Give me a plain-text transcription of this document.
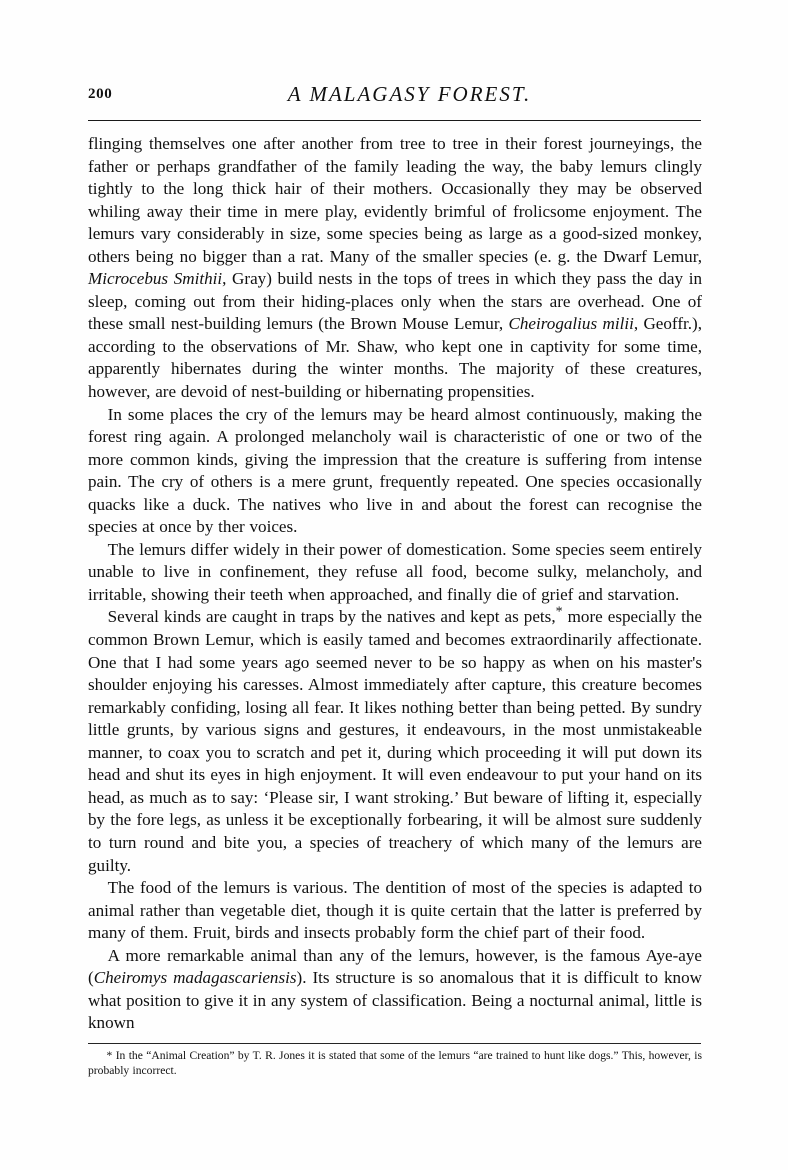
200	A MALAGASY FOREST.

flinging themselves one after another from tree to tree in their forest journeyings, the father or perhaps grandfather of the family leading the way, the baby lemurs clingly tightly to the long thick hair of their mothers. Occasionally they may be observed whiling away their time in mere play, evidently brimful of frolicsome enjoyment. The lemurs vary considerably in size, some species being as large as a good-sized monkey, others being no bigger than a rat. Many of the smaller species (e. g. the Dwarf Lemur, Microcebus Smithii, Gray) build nests in the tops of trees in which they pass the day in sleep, coming out from their hiding-places only when the stars are overhead. One of these small nest-building lemurs (the Brown Mouse Lemur, Cheirogalius milii, Geoffr.), according to the observations of Mr. Shaw, who kept one in captivity for some time, apparently hibernates during the winter months. The majority of these creatures, however, are devoid of nest-building or hibernating propensities.

In some places the cry of the lemurs may be heard almost continuously, making the forest ring again. A prolonged melancholy wail is characteristic of one or two of the more common kinds, giving the impression that the creature is suffering from intense pain. The cry of others is a mere grunt, frequently repeated. One species occasionally quacks like a duck. The natives who live in and about the forest can recognise the species at once by ther voices.

The lemurs differ widely in their power of domestication. Some species seem entirely unable to live in confinement, they refuse all food, become sulky, melancholy, and irritable, showing their teeth when approached, and finally die of grief and starvation.

Several kinds are caught in traps by the natives and kept as pets,* more especially the common Brown Lemur, which is easily tamed and becomes extraordinarily affectionate. One that I had some years ago seemed never to be so happy as when on his master's shoulder enjoying his caresses. Almost immediately after capture, this creature becomes remarkably confiding, losing all fear. It likes nothing better than being petted. By sundry little grunts, by various signs and gestures, it endeavours, in the most unmistakeable manner, to coax you to scratch and pet it, during which proceeding it will put down its head and shut its eyes in high enjoyment. It will even endeavour to put your hand on its head, as much as to say: ‘Please sir, I want stroking.’ But beware of lifting it, especially by the fore legs, as unless it be exceptionally forbearing, it will be almost sure suddenly to turn round and bite you, a species of treachery of which many of the lemurs are guilty.

The food of the lemurs is various. The dentition of most of the species is adapted to animal rather than vegetable diet, though it is quite certain that the latter is preferred by many of them. Fruit, birds and insects probably form the chief part of their food.

A more remarkable animal than any of the lemurs, however, is the famous Aye-aye (Cheiromys madagascariensis). Its structure is so anomalous that it is difficult to know what position to give it in any system of classification. Being a nocturnal animal, little is known

* In the “Animal Creation” by T. R. Jones it is stated that some of the lemurs “are trained to hunt like dogs.” This, however, is probably incorrect.
